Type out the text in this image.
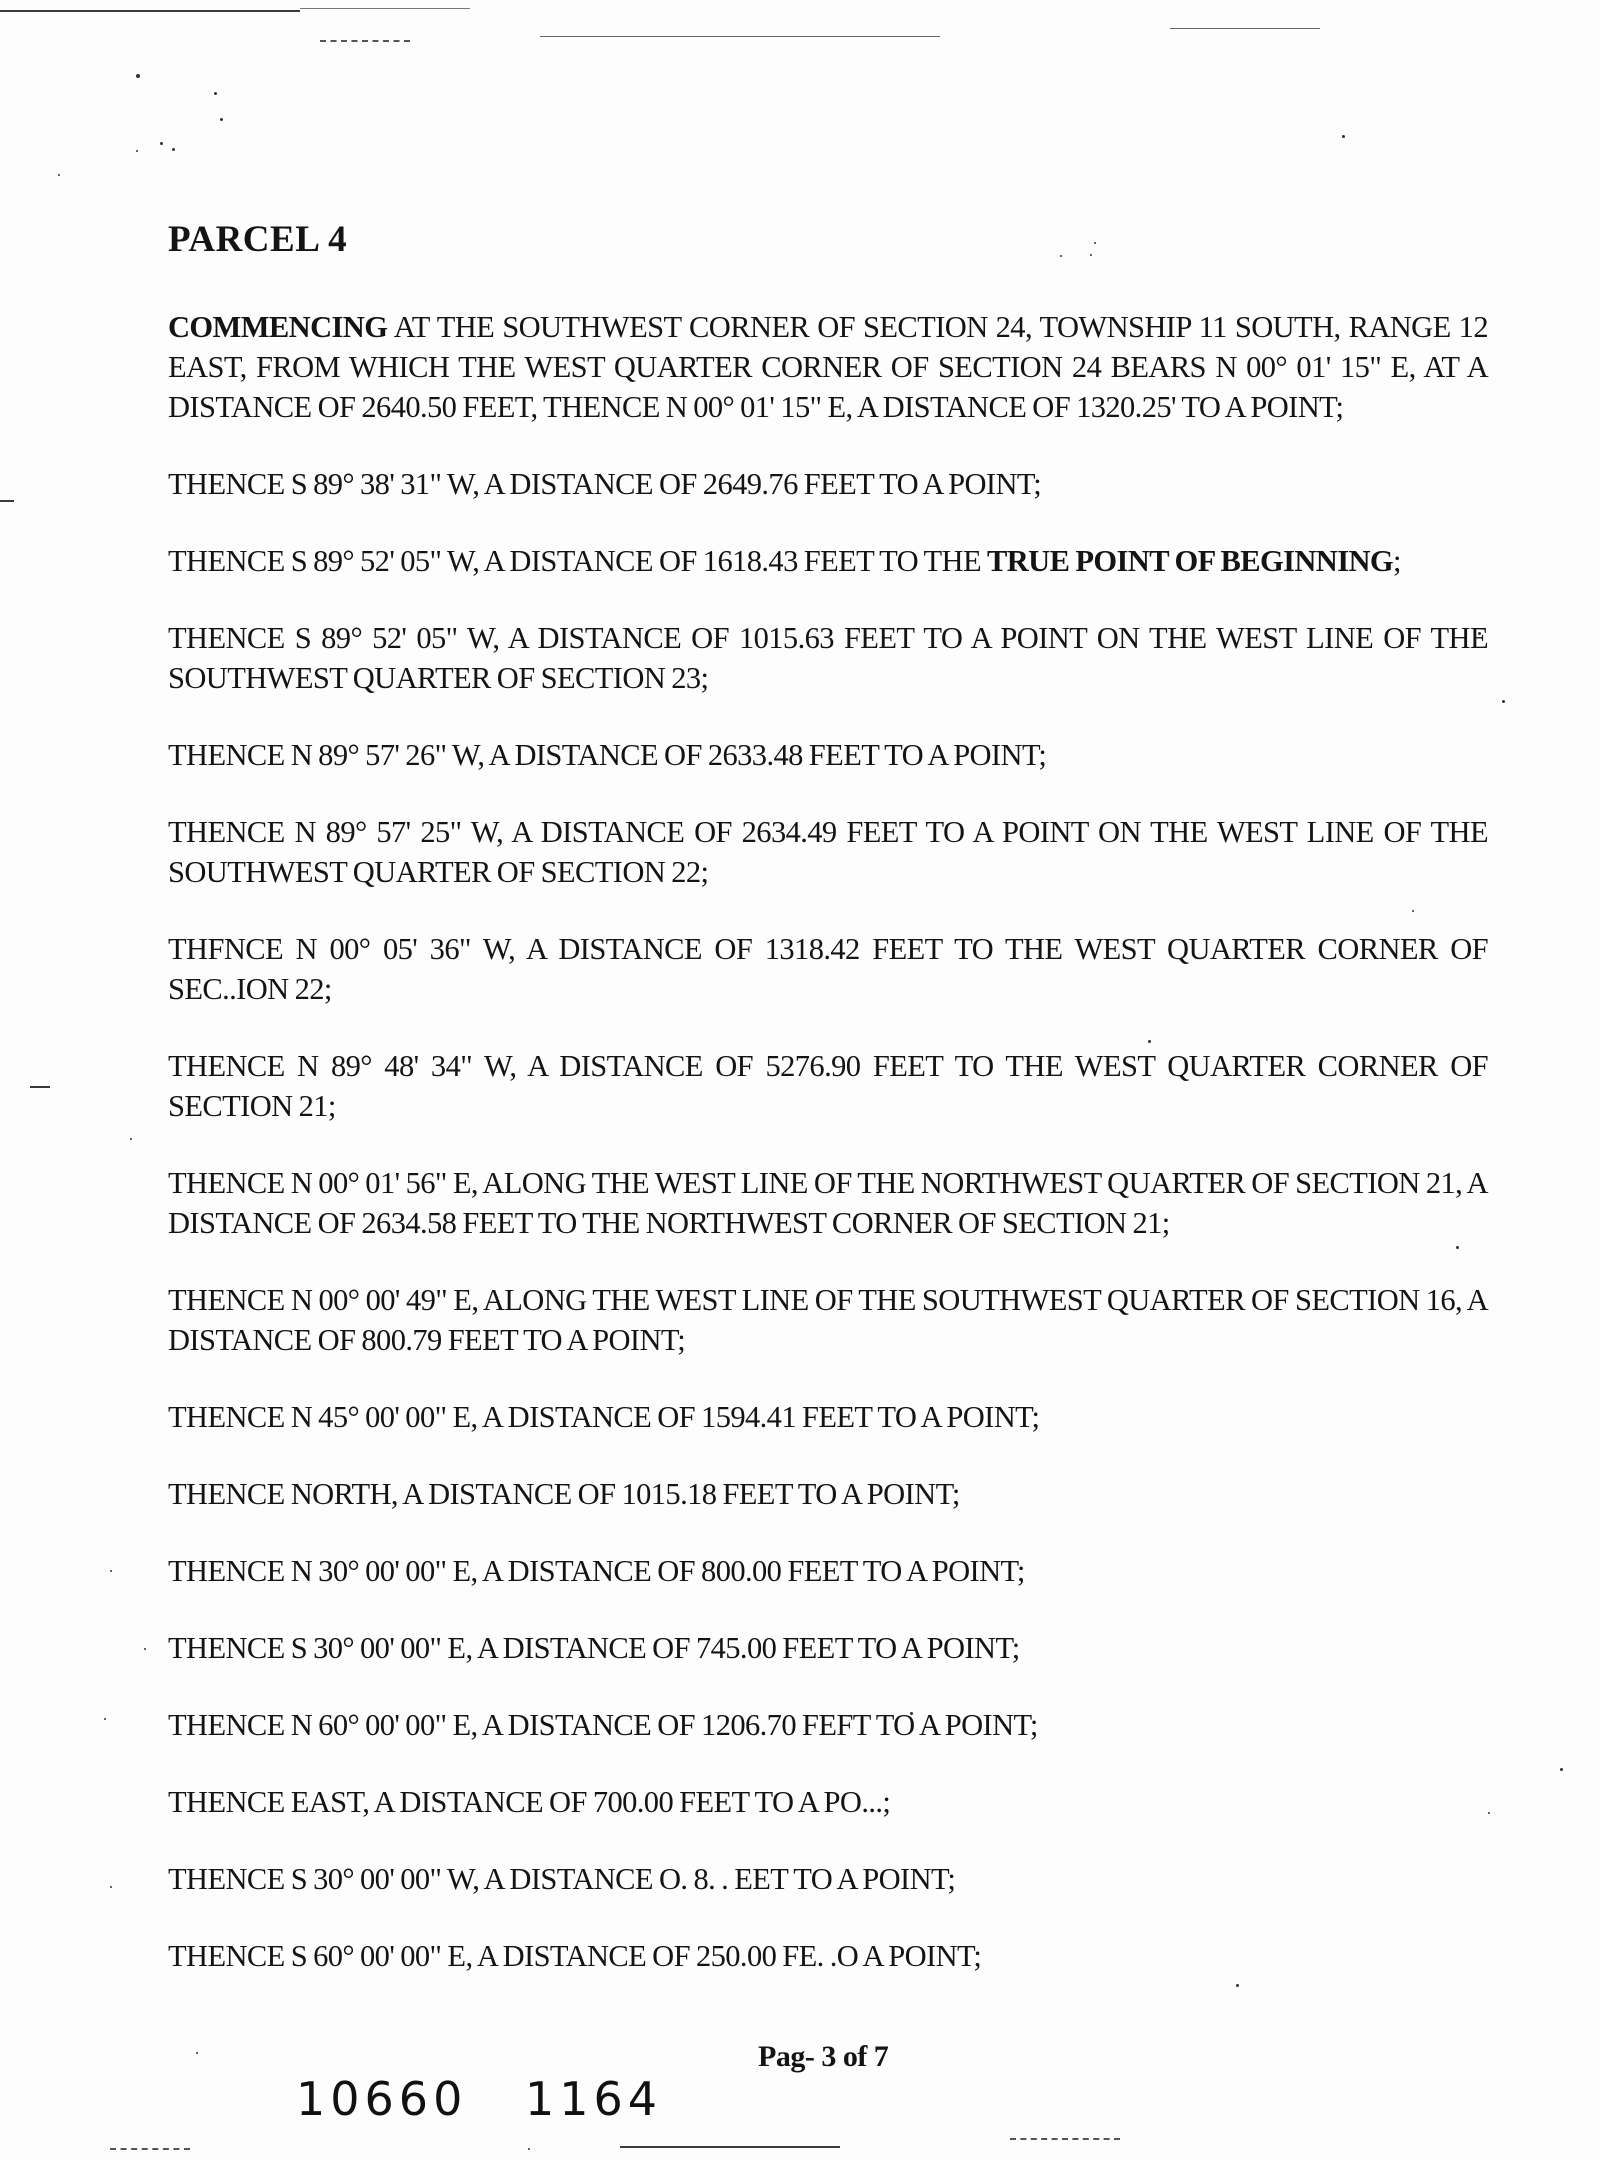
PARCEL 4

COMMENCING AT THE SOUTHWEST CORNER OF SECTION 24, TOWNSHIP 11 SOUTH, RANGE 12 EAST, FROM WHICH THE WEST QUARTER CORNER OF SECTION 24 BEARS N 00° 01' 15" E, AT A DISTANCE OF 2640.50 FEET, THENCE N 00° 01' 15" E, A DISTANCE OF 1320.25' TO A POINT;

THENCE S 89° 38' 31" W, A DISTANCE OF 2649.76 FEET TO A POINT;

THENCE S 89° 52' 05" W, A DISTANCE OF 1618.43 FEET TO THE TRUE POINT OF BEGINNING;

THENCE S 89° 52' 05" W, A DISTANCE OF 1015.63 FEET TO A POINT ON THE WEST LINE OF THE SOUTHWEST QUARTER OF SECTION 23;

THENCE N 89° 57' 26" W, A DISTANCE OF 2633.48 FEET TO A POINT;

THENCE N 89° 57' 25" W, A DISTANCE OF 2634.49 FEET TO A POINT ON THE WEST LINE OF THE SOUTHWEST QUARTER OF SECTION 22;

THFNCE N 00° 05' 36" W, A DISTANCE OF 1318.42 FEET TO THE WEST QUARTER CORNER OF SEC..ION 22;

THENCE N 89° 48' 34" W, A DISTANCE OF 5276.90 FEET TO THE WEST QUARTER CORNER OF SECTION 21;

THENCE N 00° 01' 56" E, ALONG THE WEST LINE OF THE NORTHWEST QUARTER OF SECTION 21, A DISTANCE OF 2634.58 FEET TO THE NORTHWEST CORNER OF SECTION 21;

THENCE N 00° 00' 49" E, ALONG THE WEST LINE OF THE SOUTHWEST QUARTER OF SECTION 16, A DISTANCE OF 800.79 FEET TO A POINT;

THENCE N 45° 00' 00" E, A DISTANCE OF 1594.41 FEET TO A POINT;

THENCE NORTH, A DISTANCE OF 1015.18 FEET TO A POINT;

THENCE N 30° 00' 00" E, A DISTANCE OF 800.00 FEET TO A POINT;

THENCE S 30° 00' 00" E, A DISTANCE OF 745.00 FEET TO A POINT;

THENCE N 60° 00' 00" E, A DISTANCE OF 1206.70 FEFT TO A POINT;

THENCE EAST, A DISTANCE OF 700.00 FEET TO A PO...;

THENCE S 30° 00' 00" W, A DISTANCE O. 8. . EET TO A POINT;

THENCE S 60° 00' 00" E, A DISTANCE OF 250.00 FE. .O A POINT;

Pag- 3 of 7
10660 1164
